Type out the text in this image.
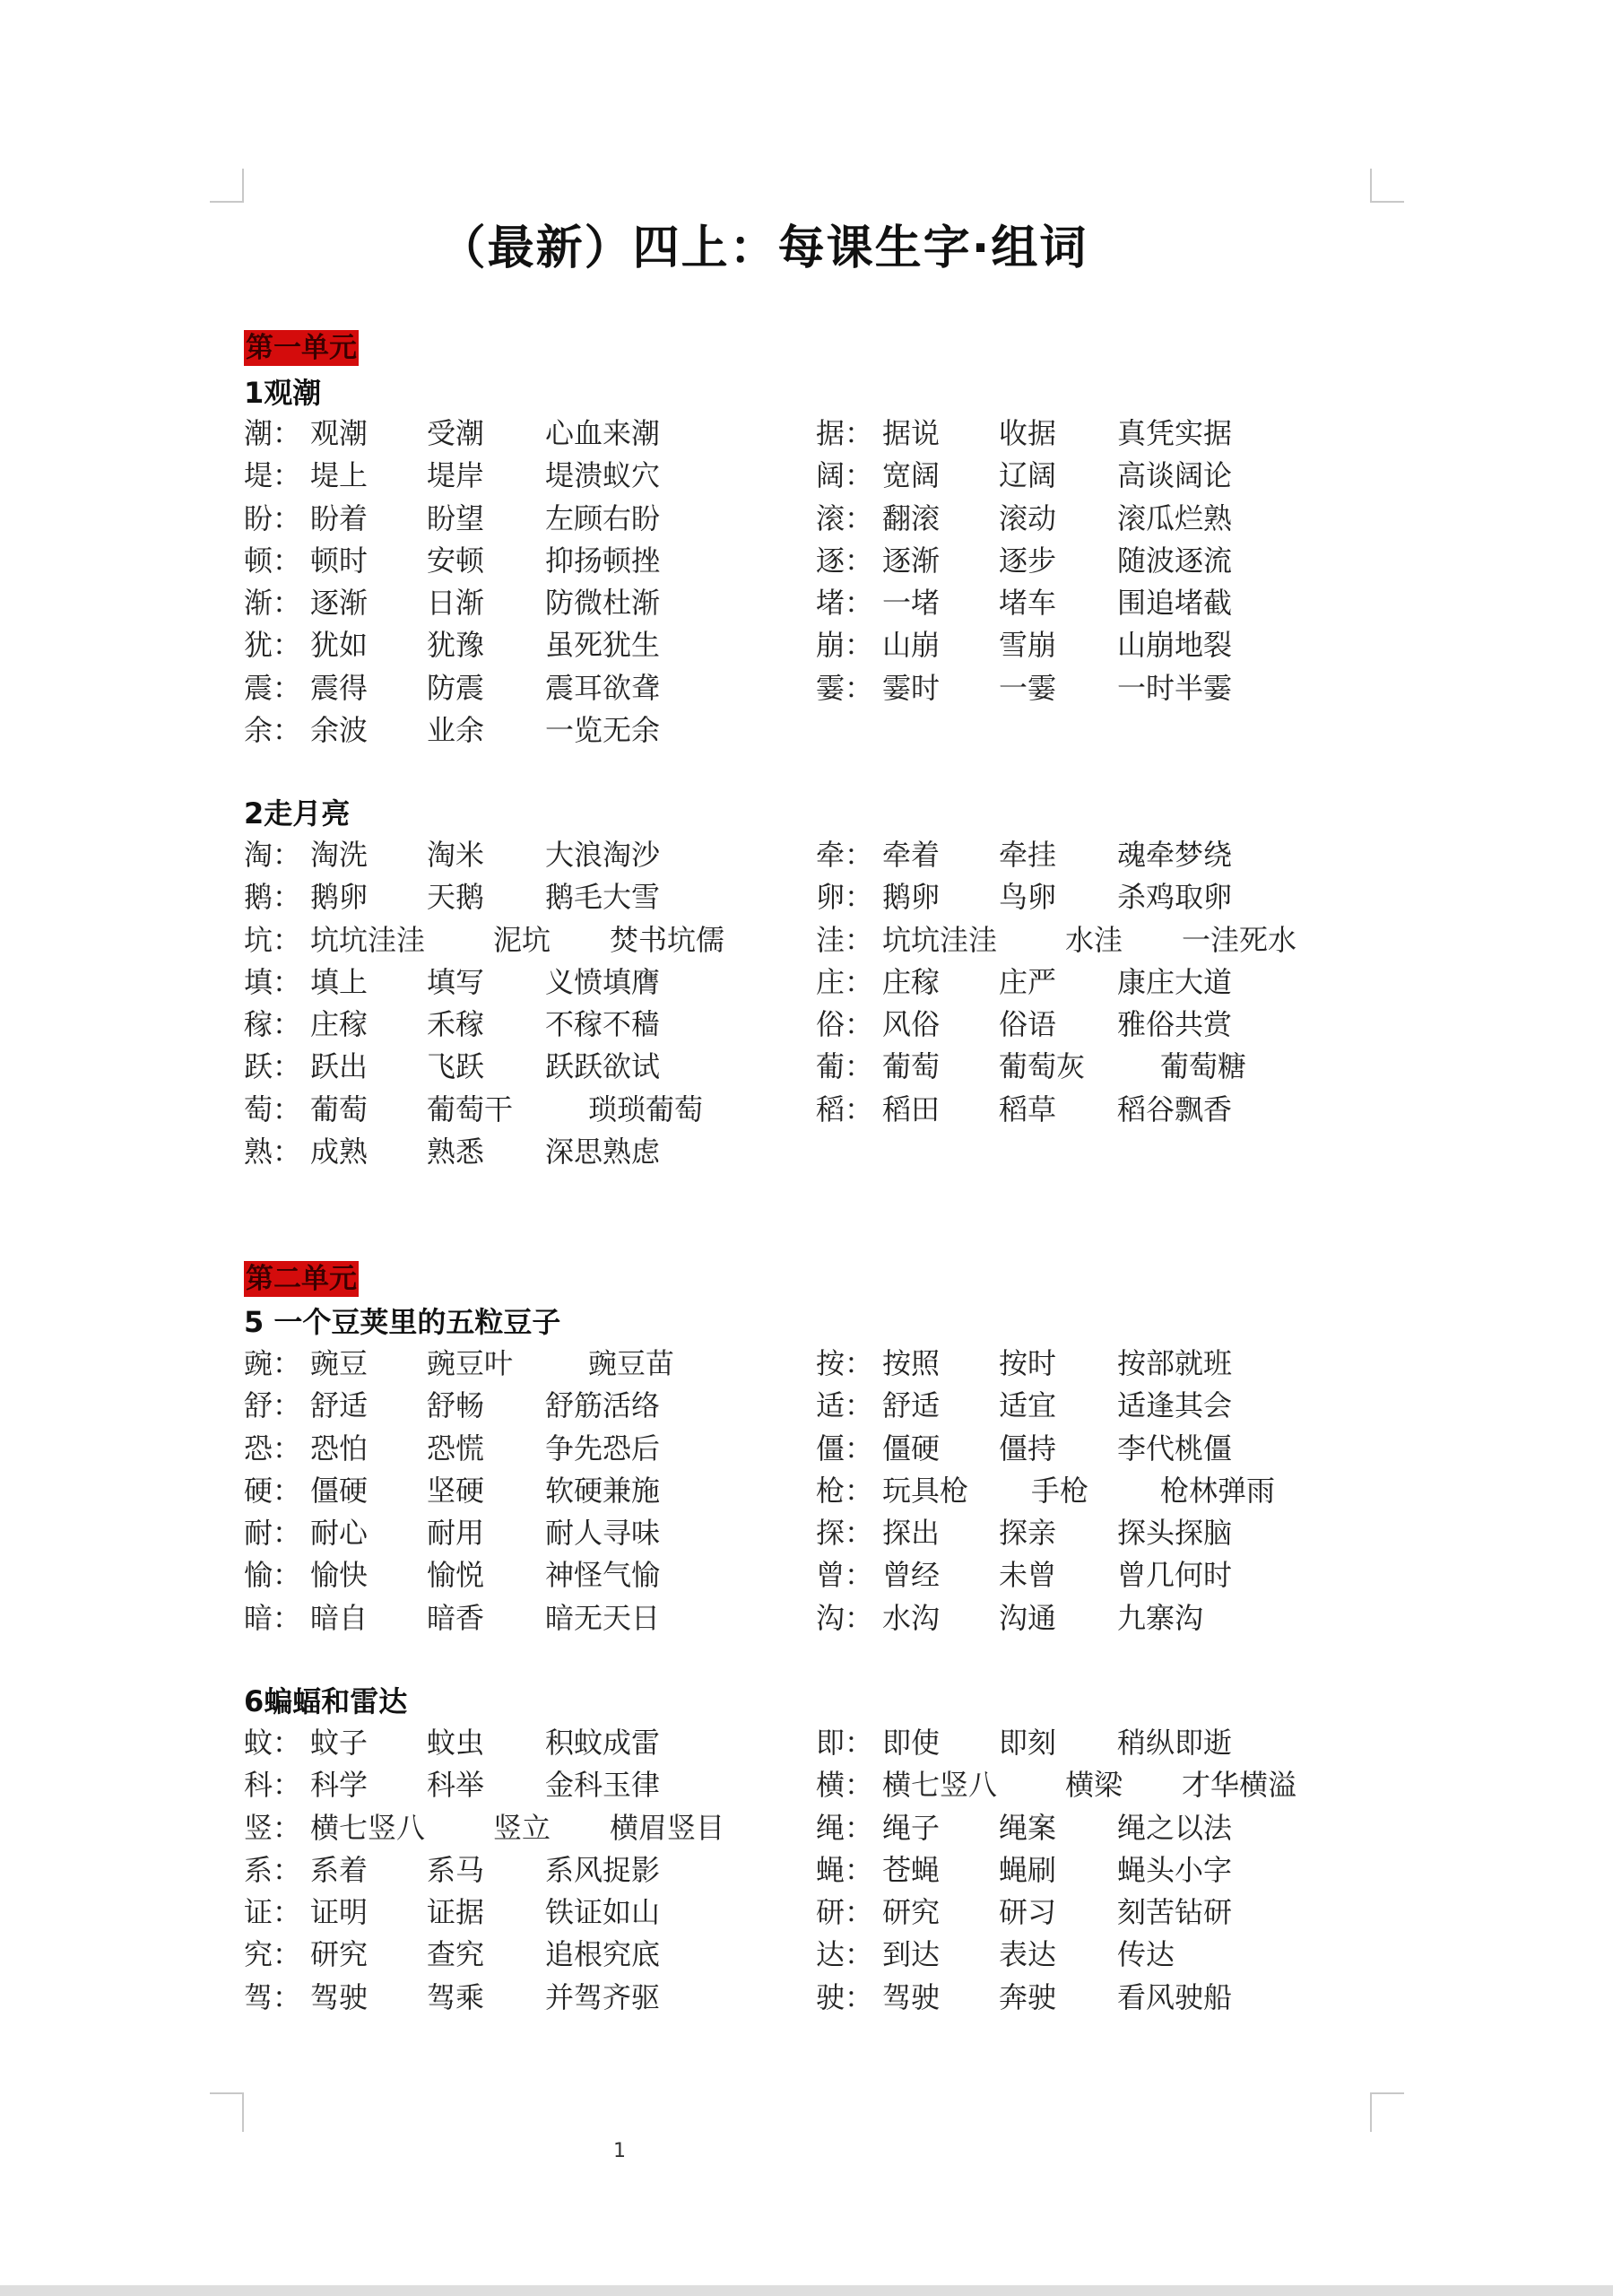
（最新）四上：每课生字·组词
第一单元
1观潮
潮： 观潮 受潮 心血来潮
堤： 堤上 堤岸 堤溃蚁穴
盼： 盼着 盼望 左顾右盼
顿： 顿时 安顿 抑扬顿挫
渐： 逐渐 日渐 防微杜渐
犹： 犹如 犹豫 虽死犹生
震： 震得 防震 震耳欲聋
余： 余波 业余 一览无余
据： 据说 收据 真凭实据
阔： 宽阔 辽阔 高谈阔论
滚： 翻滚 滚动 滚瓜烂熟
逐： 逐渐 逐步 随波逐流
堵： 一堵 堵车 围追堵截
崩： 山崩 雪崩 山崩地裂
霎： 霎时 一霎 一时半霎
2走月亮
淘： 淘洗 淘米 大浪淘沙
鹅： 鹅卵 天鹅 鹅毛大雪
坑： 坑坑洼洼 泥坑 焚书坑儒
填： 填上 填写 义愤填膺
稼： 庄稼 禾稼 不稼不穑
跃： 跃出 飞跃 跃跃欲试
萄： 葡萄 葡萄干	琐琐葡萄
熟： 成熟 熟悉 深思熟虑
牵： 牵着 牵挂 魂牵梦绕
卵： 鹅卵 鸟卵 杀鸡取卵
洼： 坑坑洼洼 水洼 一洼死水
庄： 庄稼 庄严 康庄大道
俗： 风俗 俗语 雅俗共赏
葡： 葡萄 葡萄灰	葡萄糖
稻： 稻田 稻草 稻谷飘香
第二单元
5 一个豆荚里的五粒豆子
豌： 豌豆 豌豆叶	豌豆苗
舒： 舒适 舒畅 舒筋活络
恐： 恐怕 恐慌 争先恐后
硬： 僵硬 坚硬 软硬兼施
耐： 耐心 耐用 耐人寻味
愉： 愉快 愉悦 神怪气愉
暗： 暗自 暗香 暗无天日
按： 按照 按时 按部就班
适： 舒适 适宜 适逢其会
僵： 僵硬 僵持 李代桃僵
枪： 玩具枪 手枪 枪林弹雨
探： 探出 探亲 探头探脑
曾： 曾经 未曾 曾几何时
沟： 水沟 沟通 九寨沟
6蝙蝠和雷达
蚊： 蚊子 蚊虫 积蚊成雷
科： 科学 科举 金科玉律
竖： 横七竖八 竖立 横眉竖目
系： 系着 系马 系风捉影
证： 证明 证据 铁证如山
究： 研究 查究 追根究底
驾： 驾驶 驾乘 并驾齐驱
即： 即使 即刻 稍纵即逝
横： 横七竖八 横梁 才华横溢
绳： 绳子 绳案 绳之以法
蝇： 苍蝇 蝇刷 蝇头小字
研： 研究 研习 刻苦钻研
达： 到达 表达 传达
驶： 驾驶 奔驶 看风驶船
1
